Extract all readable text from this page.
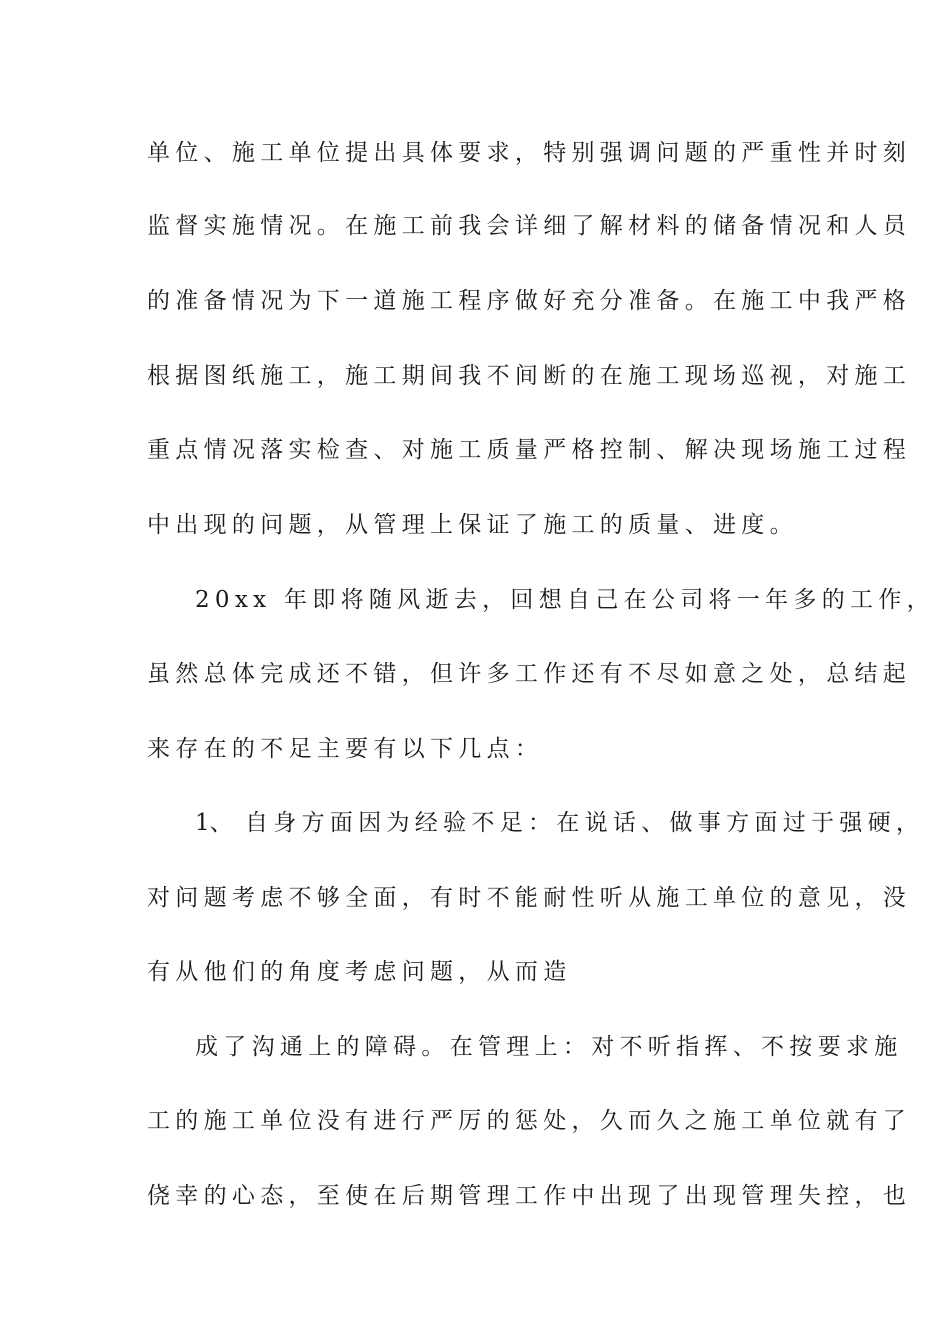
单位、施工单位提出具体要求，特别强调问题的严重性并时刻
监督实施情况。在施工前我会详细了解材料的储备情况和人员
的准备情况为下一道施工程序做好充分准备。在施工中我严格
根据图纸施工，施工期间我不间断的在施工现场巡视，对施工
重点情况落实检查、对施工质量严格控制、解决现场施工过程
中出现的问题，从管理上保证了施工的质量、进度。
20xx 年即将随风逝去，回想自己在公司将一年多的工作，
虽然总体完成还不错，但许多工作还有不尽如意之处，总结起
来存在的不足主要有以下几点：
1、 自身方面因为经验不足：在说话、做事方面过于强硬，
对问题考虑不够全面，有时不能耐性听从施工单位的意见，没
有从他们的角度考虑问题，从而造
成了沟通上的障碍。在管理上：对不听指挥、不按要求施
工的施工单位没有进行严厉的惩处，久而久之施工单位就有了
侥幸的心态，至使在后期管理工作中出现了出现管理失控，也
